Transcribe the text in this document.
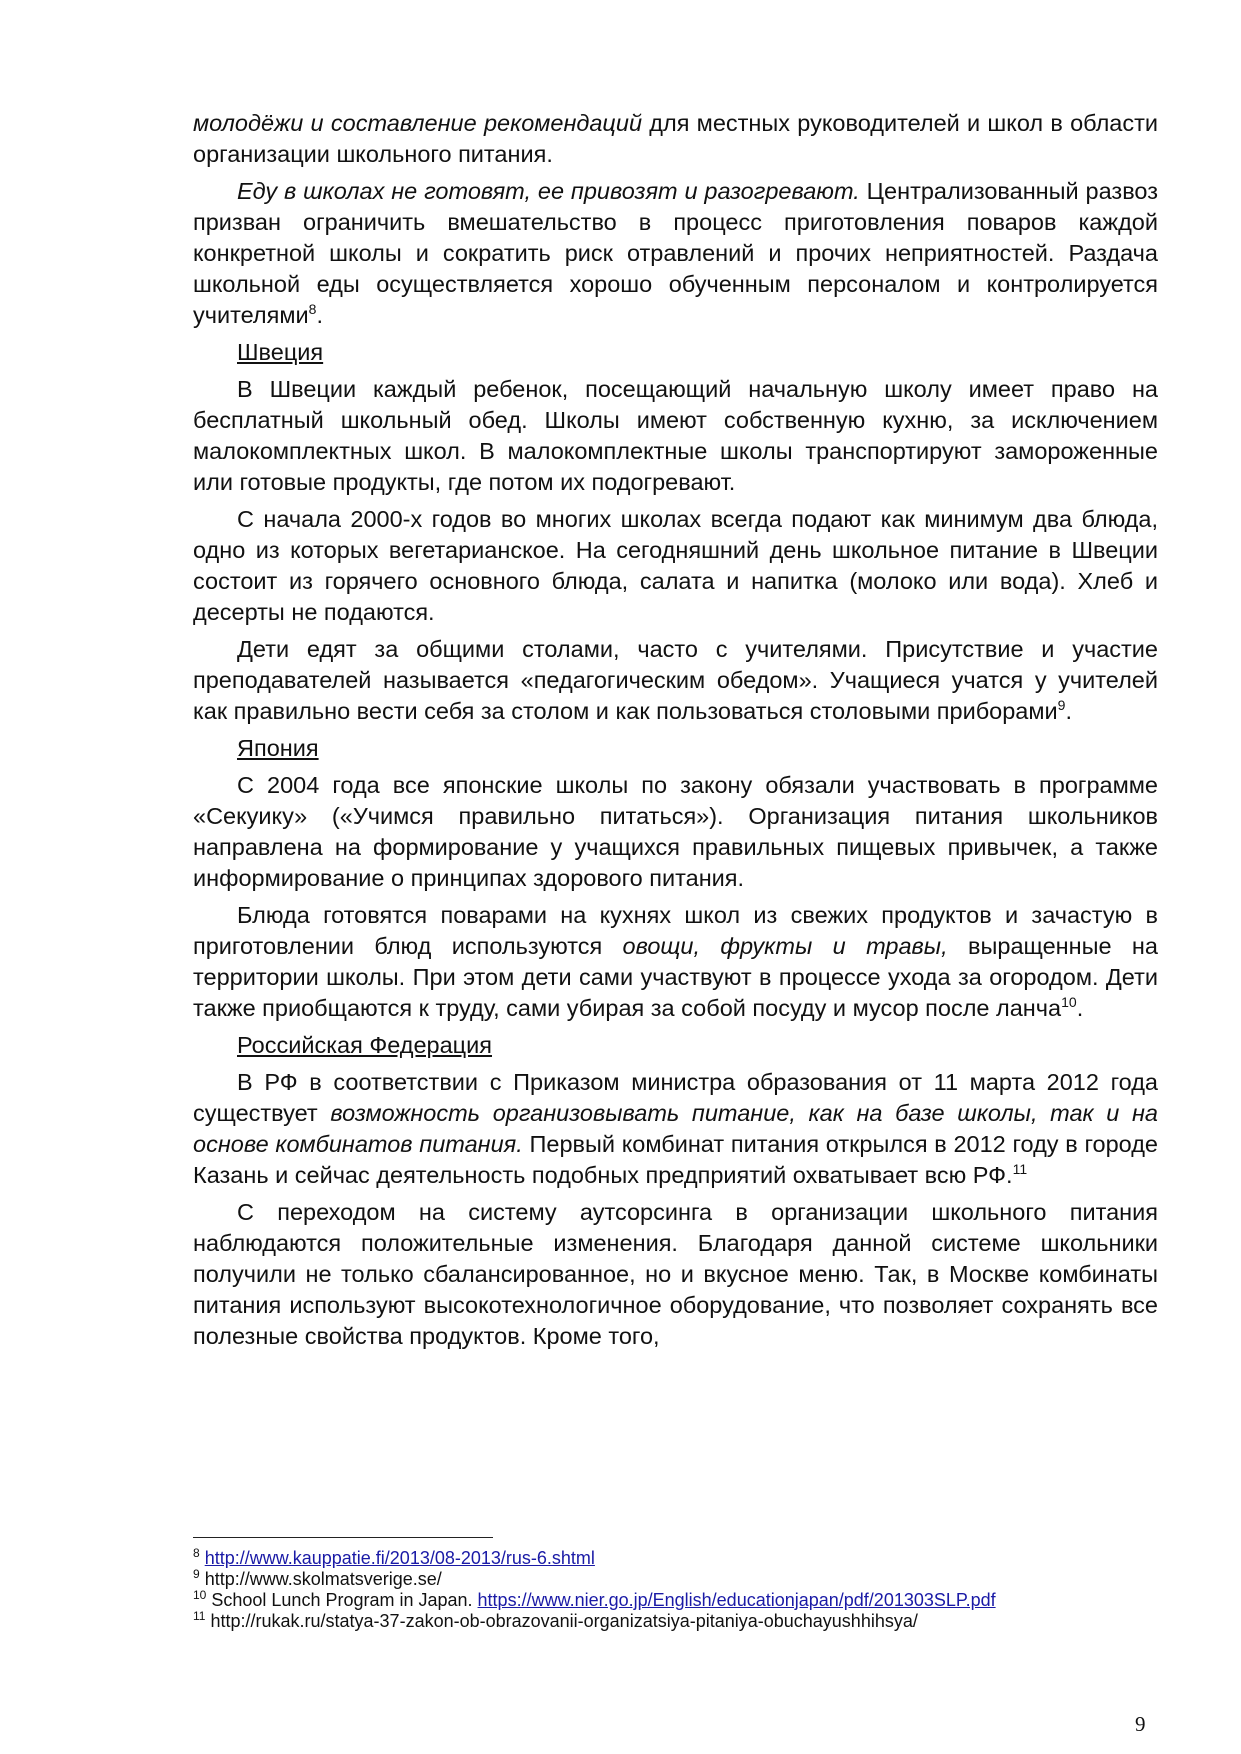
молодёжи и составление рекомендаций для местных руководителей и школ в области организации школьного питания.

Еду в школах не готовят, ее привозят и разогревают. Централизованный развоз призван ограничить вмешательство в процесс приготовления поваров каждой конкретной школы и сократить риск отравлений и прочих неприятностей. Раздача школьной еды осуществляется хорошо обученным персоналом и контролируется учителями$^8$.

Швеция

В Швеции каждый ребенок, посещающий начальную школу имеет право на бесплатный школьный обед. Школы имеют собственную кухню, за исключением малокомплектных школ. В малокомплектные школы транспортируют замороженные или готовые продукты, где потом их подогревают.

С начала 2000-х годов во многих школах всегда подают как минимум два блюда, одно из которых вегетарианское. На сегодняшний день школьное питание в Швеции состоит из горячего основного блюда, салата и напитка (молоко или вода). Хлеб и десерты не подаются.

Дети едят за общими столами, часто с учителями. Присутствие и участие преподавателей называется «педагогическим обедом». Учащиеся учатся у учителей как правильно вести себя за столом и как пользоваться столовыми приборами$^9$.

Япония

С 2004 года все японские школы по закону обязали участвовать в программе «Секуику» («Учимся правильно питаться»). Организация питания школьников направлена на формирование у учащихся правильных пищевых привычек, а также информирование о принципах здорового питания.

Блюда готовятся поварами на кухнях школ из свежих продуктов и зачастую в приготовлении блюд используются овощи, фрукты и травы, выращенные на территории школы. При этом дети сами участвуют в процессе ухода за огородом. Дети также приобщаются к труду, сами убирая за собой посуду и мусор после ланча$^{10}$.

Российская Федерация

В РФ в соответствии с Приказом министра образования от 11 марта 2012 года существует возможность организовывать питание, как на базе школы, так и на основе комбинатов питания. Первый комбинат питания открылся в 2012 году в городе Казань и сейчас деятельность подобных предприятий охватывает всю РФ.$^{11}$

С переходом на систему аутсорсинга в организации школьного питания наблюдаются положительные изменения. Благодаря данной системе школьники получили не только сбалансированное, но и вкусное меню. Так, в Москве комбинаты питания используют высокотехнологичное оборудование, что позволяет сохранять все полезные свойства продуктов. Кроме того,

$^8$ http://www.kauppatie.fi/2013/08-2013/rus-6.shtml
$^9$ http://www.skolmatsverige.se/
$^{10}$ School Lunch Program in Japan. https://www.nier.go.jp/English/educationjapan/pdf/201303SLP.pdf
$^{11}$ http://rukak.ru/statya-37-zakon-ob-obrazovanii-organizatsiya-pitaniya-obuchayushhihsya/
9
